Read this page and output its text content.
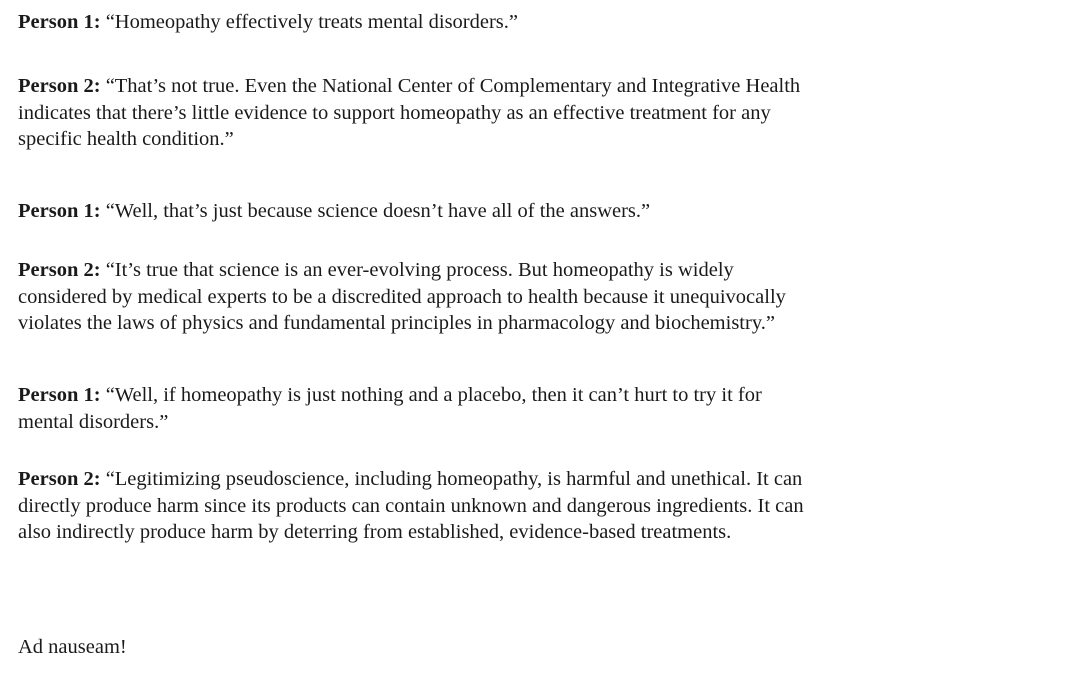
Person 1: “Homeopathy effectively treats mental disorders.”

Person 2: “That’s not true. Even the National Center of Complementary and Integrative Health
indicates that there’s little evidence to support homeopathy as an effective treatment for any
specific health condition.”

Person 1: “Well, that’s just because science doesn’t have all of the answers.”

Person 2: “It’s true that science is an ever-evolving process. But homeopathy is widely
considered by medical experts to be a discredited approach to health because it unequivocally
violates the laws of physics and fundamental principles in pharmacology and biochemistry.”

Person 1: “Well, if homeopathy is just nothing and a placebo, then it can’t hurt to try it for
mental disorders.”

Person 2: “Legitimizing pseudoscience, including homeopathy, is harmful and unethical. It can
directly produce harm since its products can contain unknown and dangerous ingredients. It can
also indirectly produce harm by deterring from established, evidence-based treatments.

Ad nauseam!
